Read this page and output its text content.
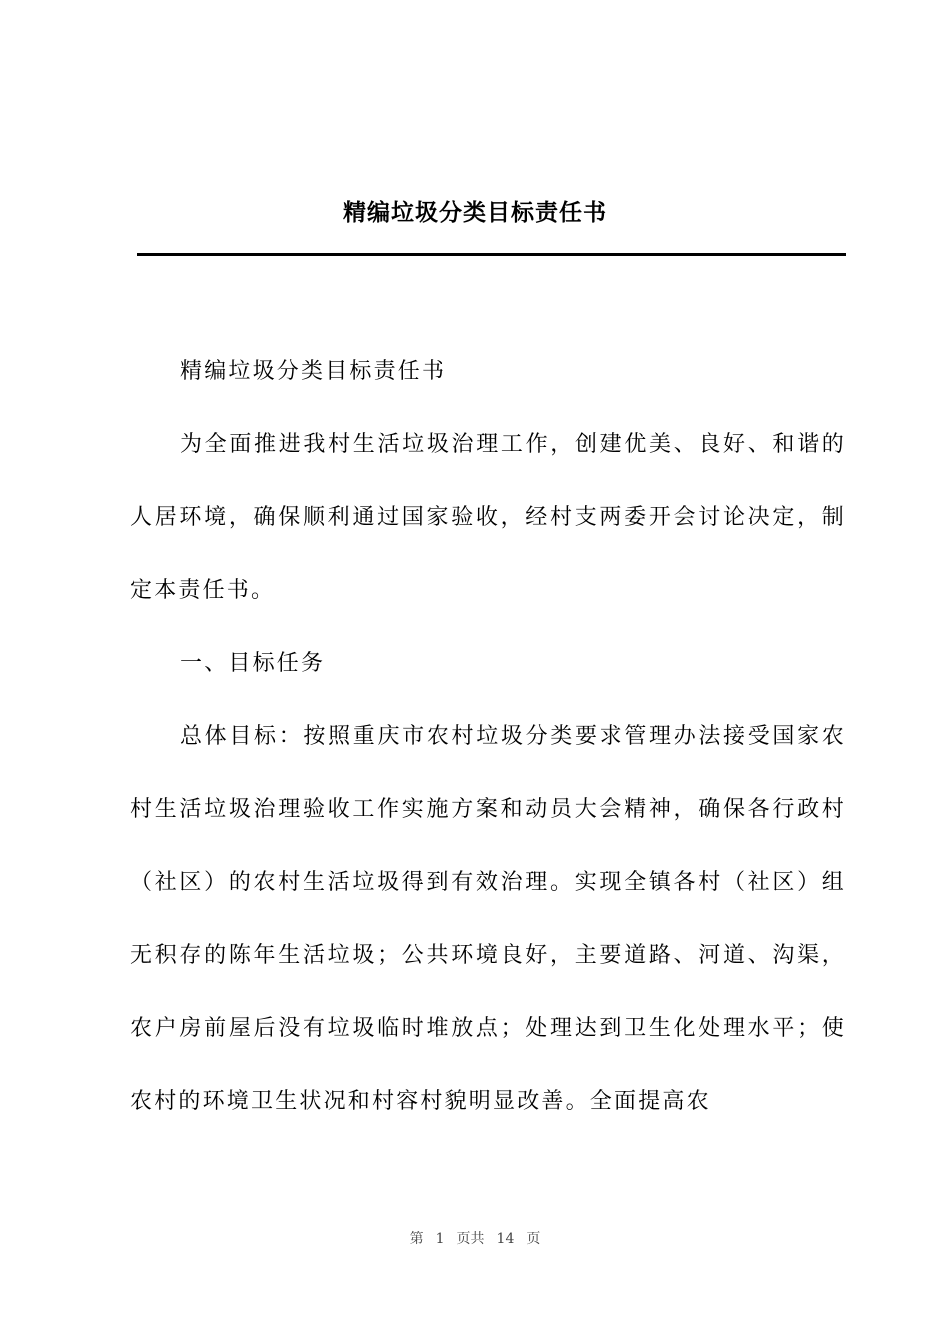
精编垃圾分类目标责任书

精编垃圾分类目标责任书

为全面推进我村生活垃圾治理工作，创建优美、良好、和谐的人居环境，确保顺利通过国家验收，经村支两委开会讨论决定，制定本责任书。

一、目标任务

总体目标：按照重庆市农村垃圾分类要求管理办法接受国家农村生活垃圾治理验收工作实施方案和动员大会精神，确保各行政村（社区）的农村生活垃圾得到有效治理。实现全镇各村（社区）组无积存的陈年生活垃圾；公共环境良好，主要道路、河道、沟渠，农户房前屋后没有垃圾临时堆放点；处理达到卫生化处理水平；使农村的环境卫生状况和村容村貌明显改善。全面提高农

第 1 页共 14 页
